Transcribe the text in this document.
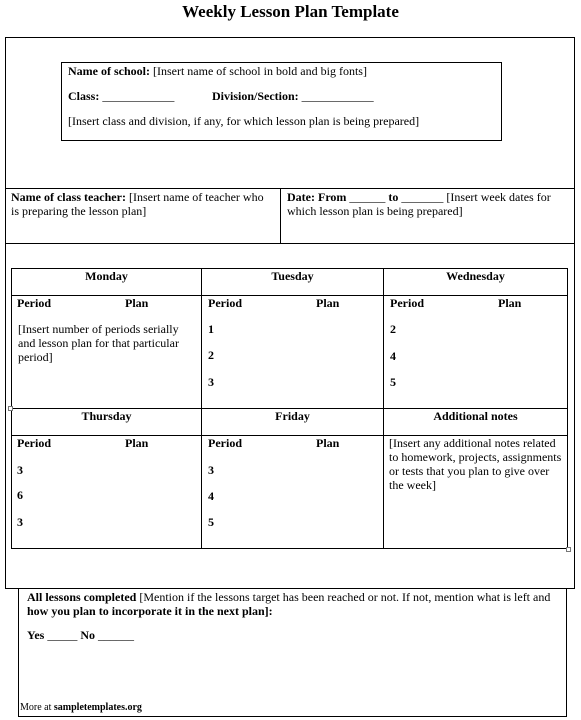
Weekly Lesson Plan Template
Name of school: [Insert name of school in bold and big fonts]
Class: ____________	Division/Section: ____________
[Insert class and division, if any, for which lesson plan is being prepared]
Name of class teacher: [Insert name of teacher who
is preparing the lesson plan]
Date: From ______ to _______ [Insert week dates for
which lesson plan is being prepared]
Monday	Tuesday	Wednesday
Period	Plan
[Insert number of periods serially
and lesson plan for that particular
period]
Period	Plan
1
2
3
Period	Plan
2
4
5
Thursday	Friday	Additional notes
Period	Plan
3
6
3
Period	Plan
3
4
5
[Insert any additional notes related
to homework, projects, assignments
or tests that you plan to give over
the week]
All lessons completed [Mention if the lessons target has been reached or not. If not, mention what is left and
how you plan to incorporate it in the next plan]:
Yes _____ No ______
More at sampletemplates.org
